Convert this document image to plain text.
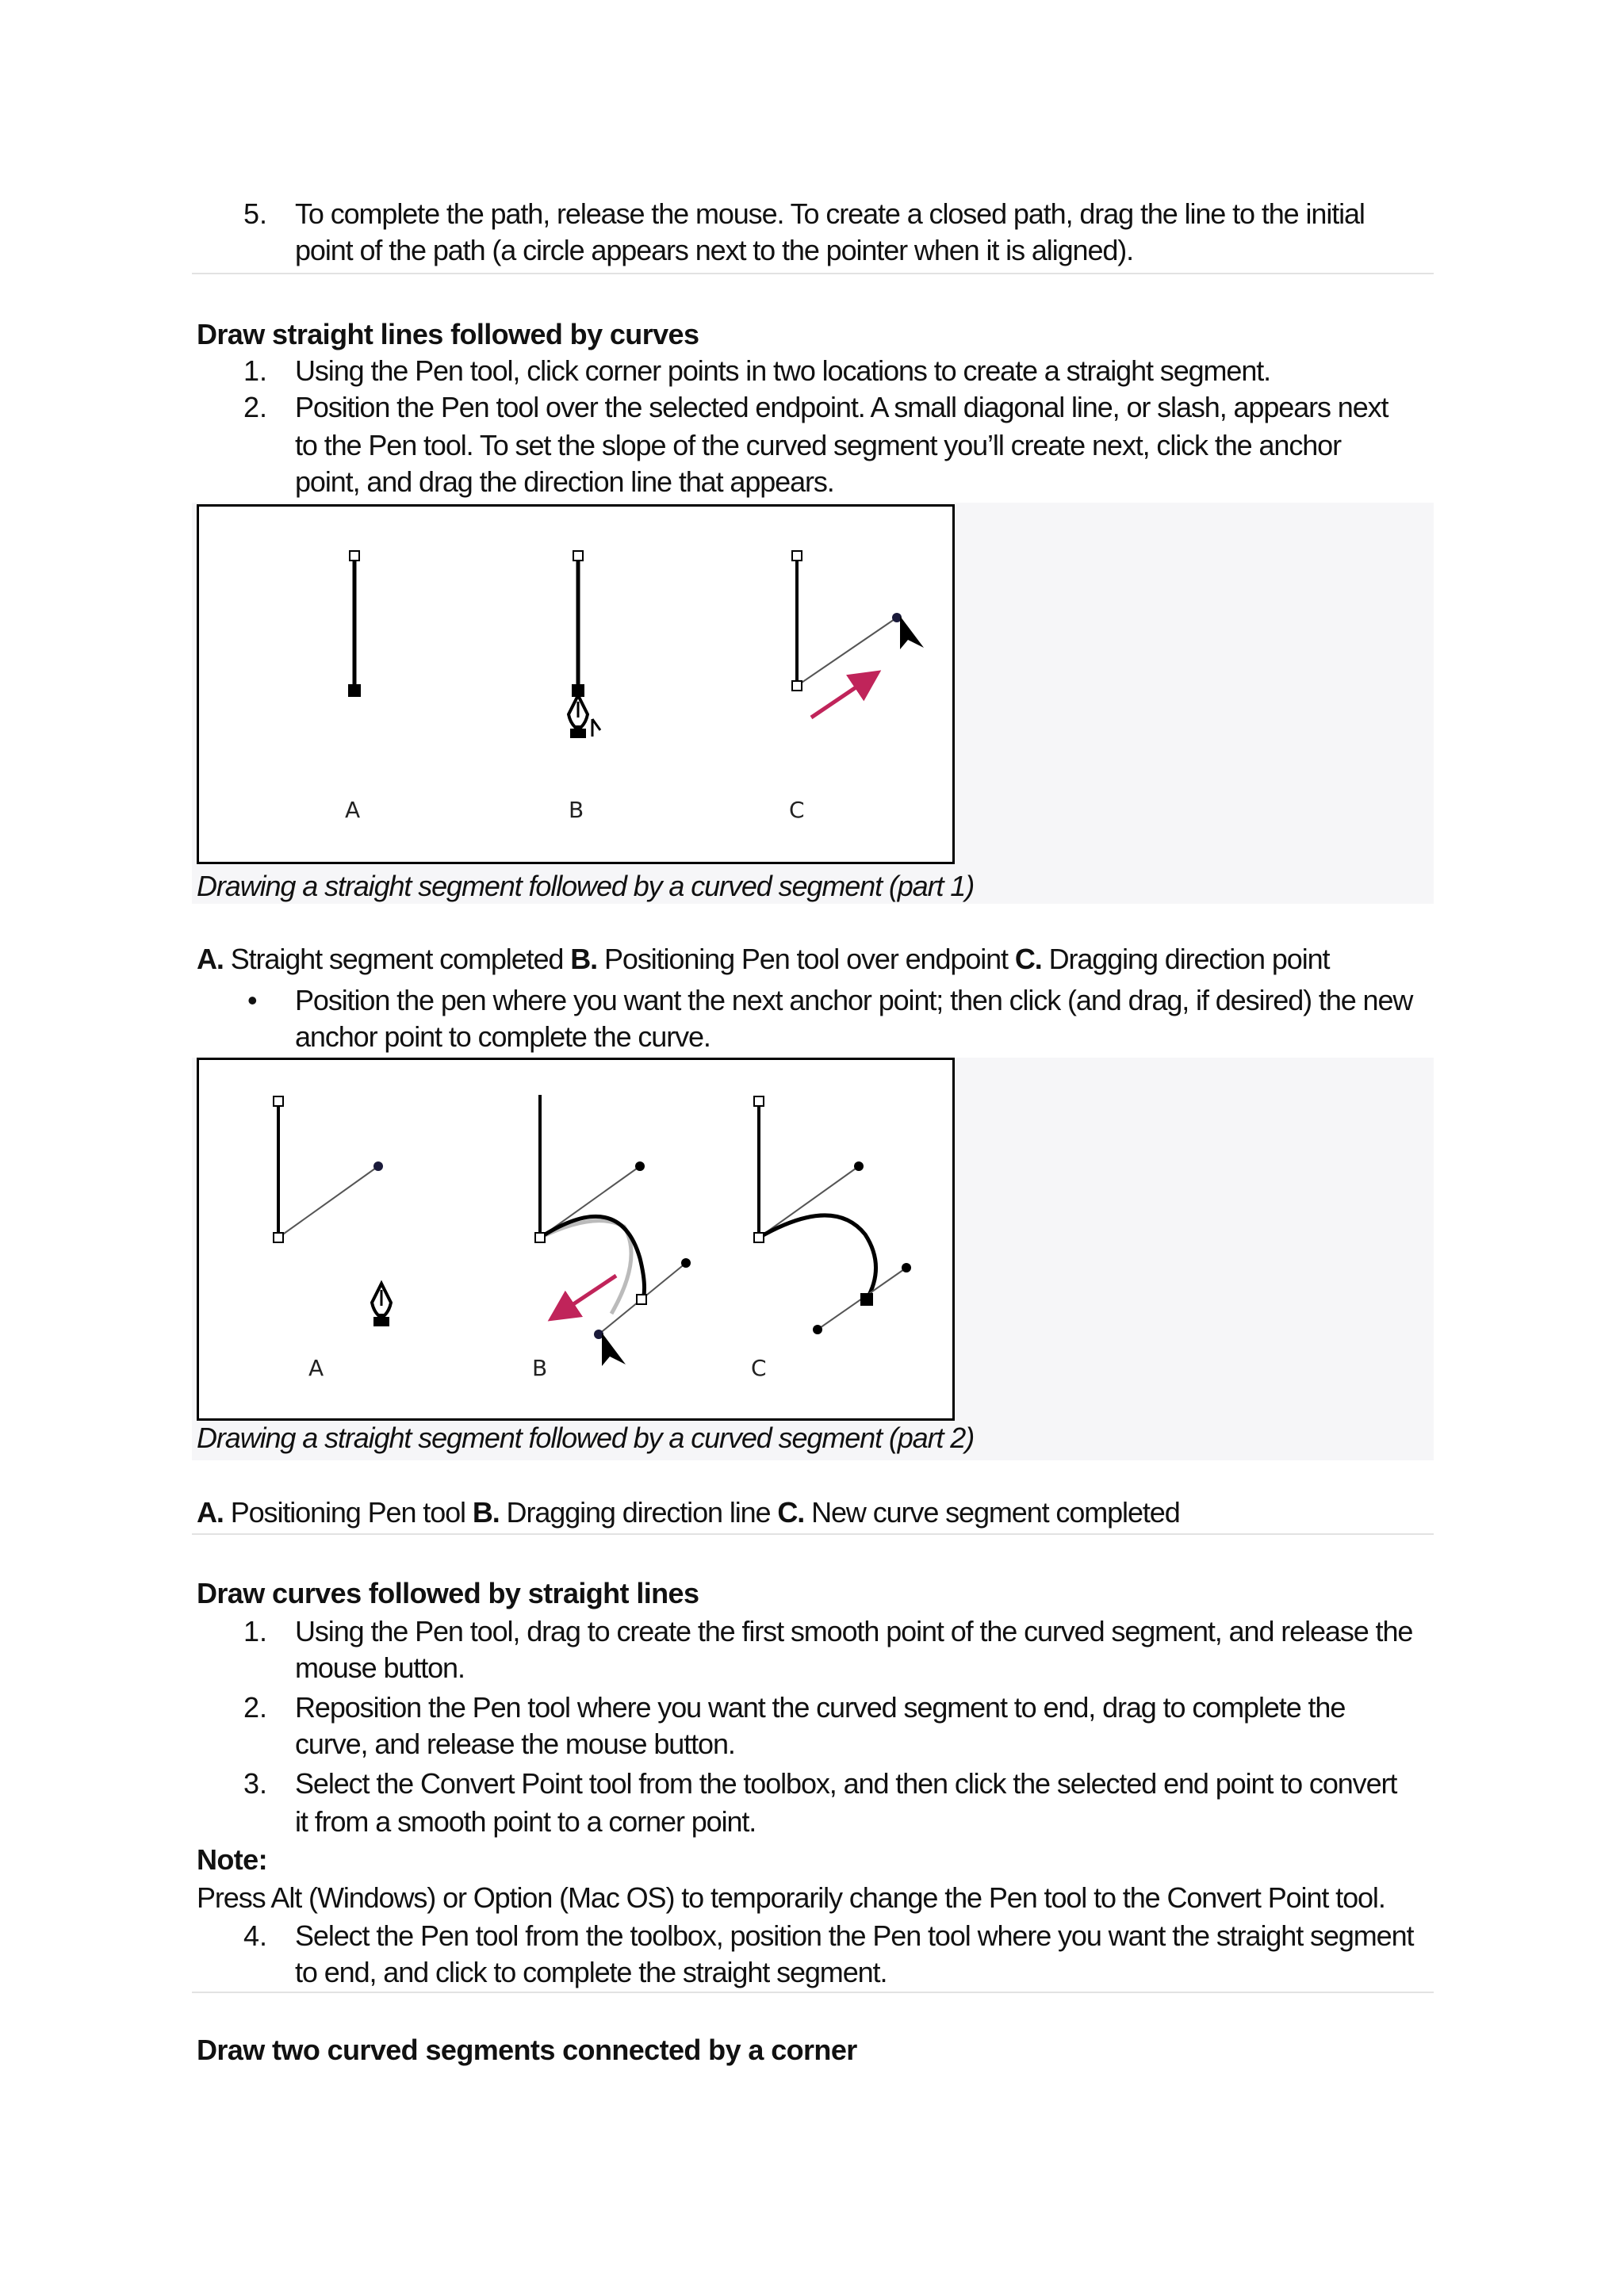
5. To complete the path, release the mouse. To create a closed path, drag the line to the initial
point of the path (a circle appears next to the pointer when it is aligned).
Draw straight lines followed by curves
1. Using the Pen tool, click corner points in two locations to create a straight segment.
2. Position the Pen tool over the selected endpoint. A small diagonal line, or slash, appears next
to the Pen tool. To set the slope of the curved segment you’ll create next, click the anchor
point, and drag the direction line that appears.
A	B	C
Drawing a straight segment followed by a curved segment (part 1)
A. Straight segment completed B. Positioning Pen tool over endpoint C. Dragging direction point
• Position the pen where you want the next anchor point; then click (and drag, if desired) the new
anchor point to complete the curve.
A	B	C
Drawing a straight segment followed by a curved segment (part 2)
A. Positioning Pen tool B. Dragging direction line C. New curve segment completed
Draw curves followed by straight lines
1. Using the Pen tool, drag to create the first smooth point of the curved segment, and release the
mouse button.
2. Reposition the Pen tool where you want the curved segment to end, drag to complete the
curve, and release the mouse button.
3. Select the Convert Point tool from the toolbox, and then click the selected end point to convert
it from a smooth point to a corner point.
Note:
Press Alt (Windows) or Option (Mac OS) to temporarily change the Pen tool to the Convert Point tool.
4. Select the Pen tool from the toolbox, position the Pen tool where you want the straight segment
to end, and click to complete the straight segment.
Draw two curved segments connected by a corner
